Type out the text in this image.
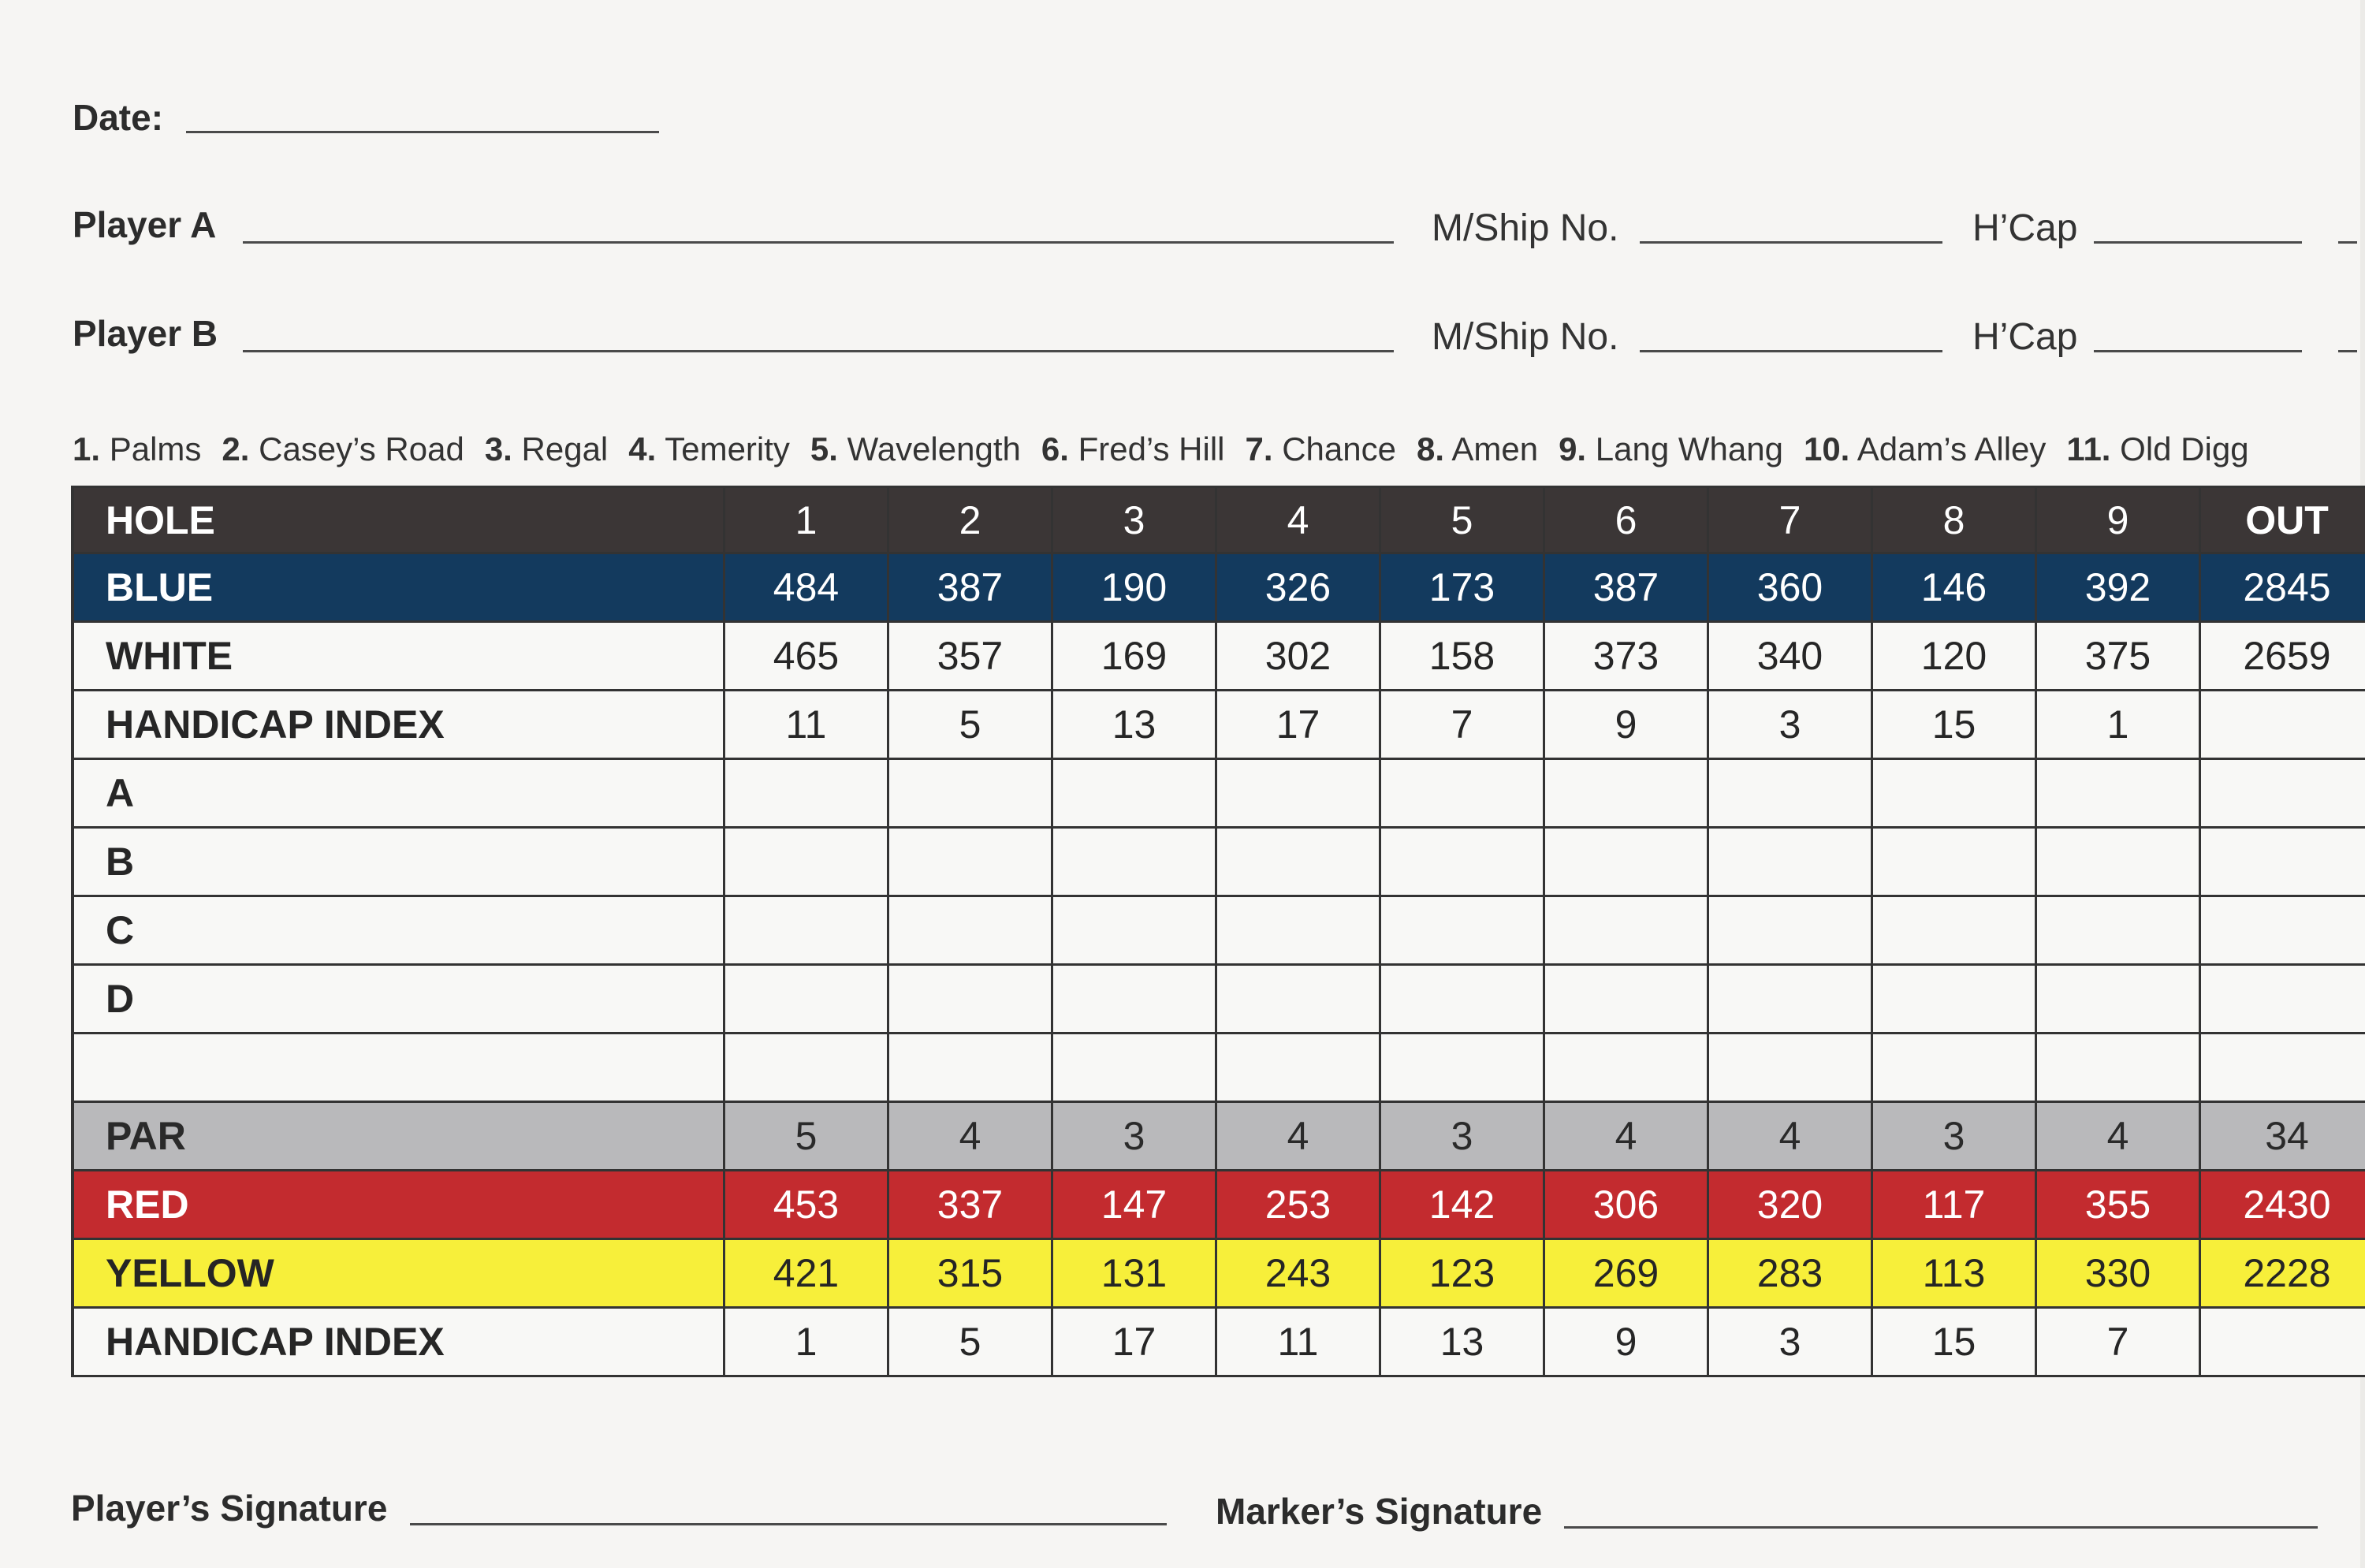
Date:
Player A	M/Ship No.	H’Cap
Player B	M/Ship No.	H’Cap
1. Palms 2. Casey’s Road 3. Regal 4. Temerity 5. Wavelength 6. Fred’s Hill 7. Chance 8. Amen 9. Lang Whang 10. Adam’s Alley 11. Old Digg
HOLE	1	2	3	4	5	6	7	8	9	OUT
BLUE	484	387	190	326	173	387	360	146	392	2845
WHITE	465	357	169	302	158	373	340	120	375	2659
HANDICAP INDEX	11	5	13	17	7	9	3	15	1
A
B
C
D
PAR	5	4	3	4	3	4	4	3	4	34
RED	453	337	147	253	142	306	320	117	355	2430
YELLOW	421	315	131	243	123	269	283	113	330	2228
HANDICAP INDEX	1	5	17	11	13	9	3	15	7
Player’s Signature	Marker’s Signature
